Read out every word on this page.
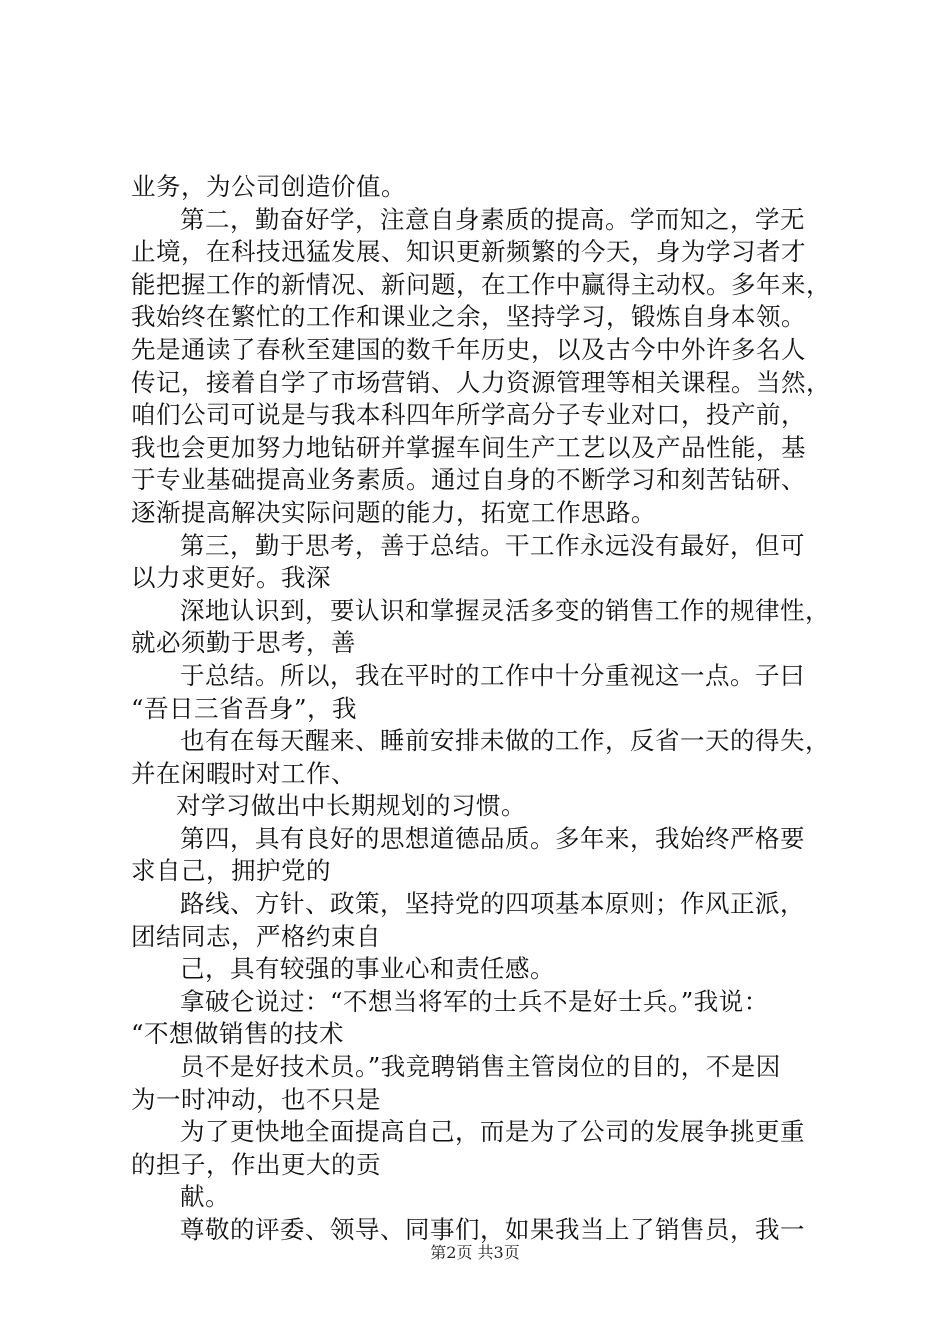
业务，为公司创造价值。
第二，勤奋好学，注意自身素质的提高。学而知之，学无
止境，在科技迅猛发展、知识更新频繁的今天，身为学习者才
能把握工作的新情况、新问题，在工作中赢得主动权。多年来，
我始终在繁忙的工作和课业之余，坚持学习，锻炼自身本领。
先是通读了春秋至建国的数千年历史，以及古今中外许多名人
传记，接着自学了市场营销、人力资源管理等相关课程。当然，
咱们公司可说是与我本科四年所学高分子专业对口，投产前，
我也会更加努力地钻研并掌握车间生产工艺以及产品性能，基
于专业基础提高业务素质。通过自身的不断学习和刻苦钻研、
逐渐提高解决实际问题的能力，拓宽工作思路。
第三，勤于思考，善于总结。干工作永远没有最好，但可
以力求更好。我深
深地认识到，要认识和掌握灵活多变的销售工作的规律性，
就必须勤于思考，善
于总结。所以，我在平时的工作中十分重视这一点。子曰
“吾日三省吾身”，我
也有在每天醒来、睡前安排未做的工作，反省一天的得失，
并在闲暇时对工作、
对学习做出中长期规划的习惯。
第四，具有良好的思想道德品质。多年来，我始终严格要
求自己，拥护党的
路线、方针、政策，坚持党的四项基本原则；作风正派，
团结同志，严格约束自
己，具有较强的事业心和责任感。
拿破仑说过：“不想当将军的士兵不是好士兵。”我说：
“不想做销售的技术
员不是好技术员。”我竞聘销售主管岗位的目的，不是因
为一时冲动，也不只是
为了更快地全面提高自己，而是为了公司的发展争挑更重
的担子，作出更大的贡
献。
尊敬的评委、领导、同事们，如果我当上了销售员，我一
第2页 共3页
